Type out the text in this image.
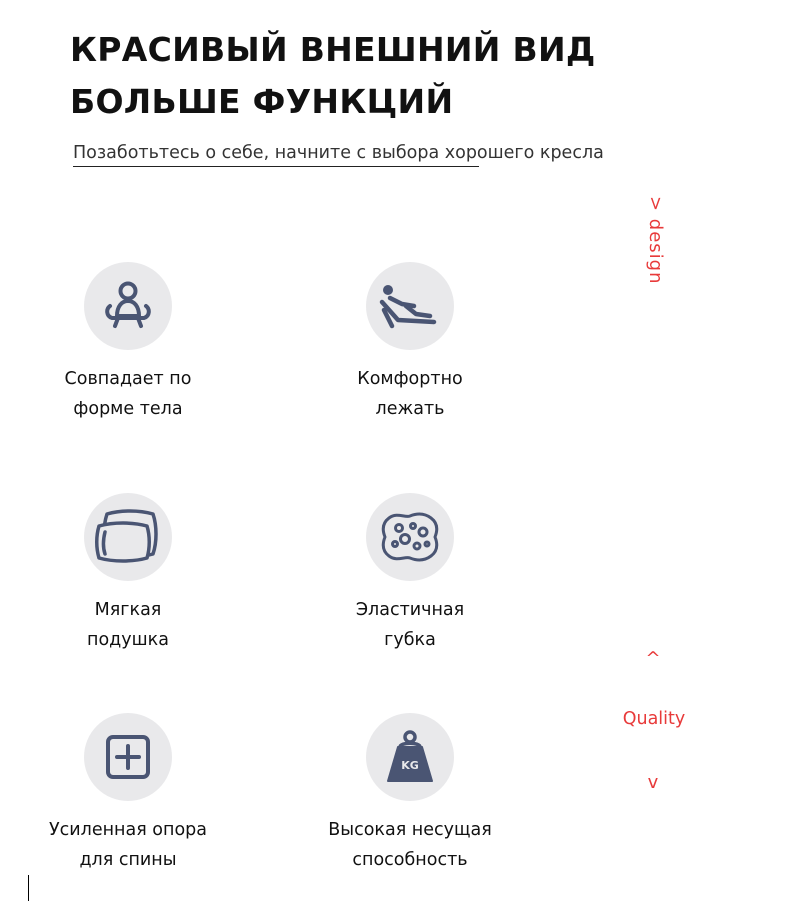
КРАСИВЫЙ ВНЕШНИЙ ВИД
БОЛЬШЕ ФУНКЦИЙ
Позаботьтесь о себе, начните с выбора хорошего кресла
> design
^
Quality
v
Совпадает по
форме тела
Комфортно
лежать
Мягкая
подушка
Эластичная
губка
Усиленная опора
для спины
KG
Высокая несущая
способность
